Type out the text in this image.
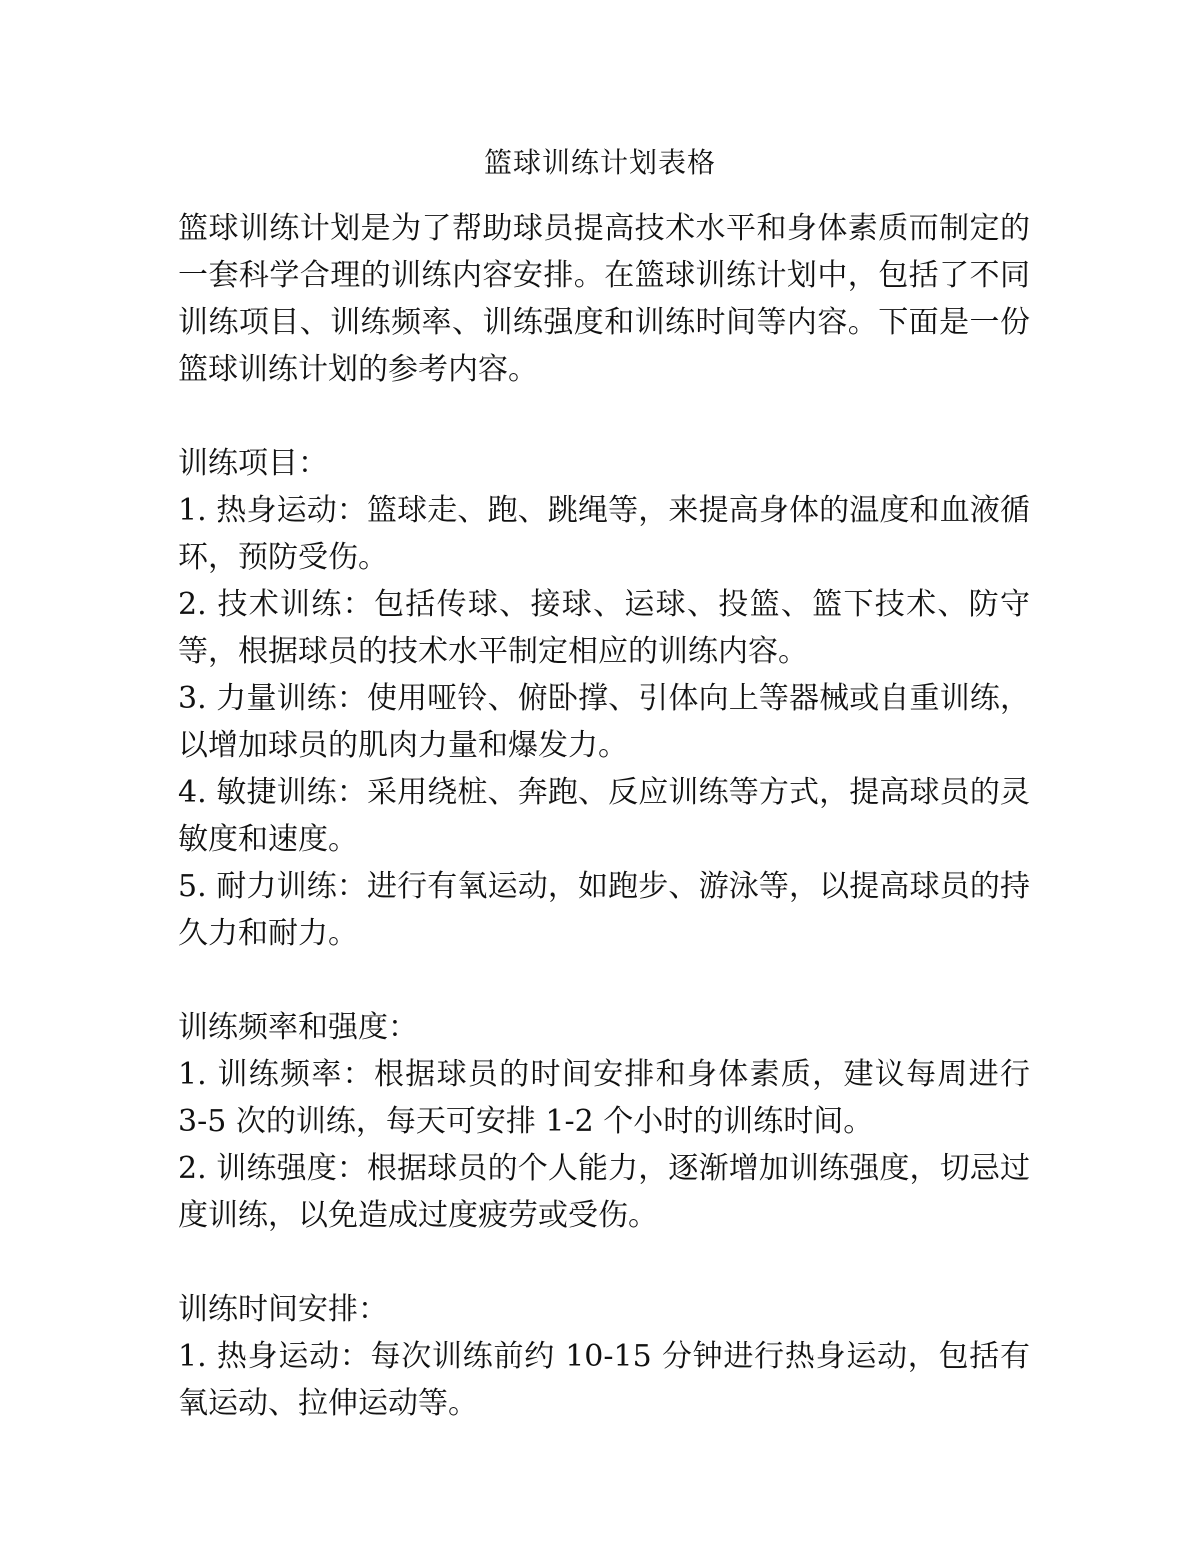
篮球训练计划表格

篮球训练计划是为了帮助球员提高技术水平和身体素质而制定的一套科学合理的训练内容安排。在篮球训练计划中，包括了不同训练项目、训练频率、训练强度和训练时间等内容。下面是一份篮球训练计划的参考内容。

训练项目：

1. 热身运动：篮球走、跑、跳绳等，来提高身体的温度和血液循环，预防受伤。

2. 技术训练：包括传球、接球、运球、投篮、篮下技术、防守等，根据球员的技术水平制定相应的训练内容。

3. 力量训练：使用哑铃、俯卧撑、引体向上等器械或自重训练，以增加球员的肌肉力量和爆发力。

4. 敏捷训练：采用绕桩、奔跑、反应训练等方式，提高球员的灵敏度和速度。

5. 耐力训练：进行有氧运动，如跑步、游泳等，以提高球员的持久力和耐力。

训练频率和强度：

1. 训练频率：根据球员的时间安排和身体素质，建议每周进行 3-5 次的训练，每天可安排 1-2 个小时的训练时间。

2. 训练强度：根据球员的个人能力，逐渐增加训练强度，切忌过度训练，以免造成过度疲劳或受伤。

训练时间安排：

1. 热身运动：每次训练前约 10-15 分钟进行热身运动，包括有氧运动、拉伸运动等。
